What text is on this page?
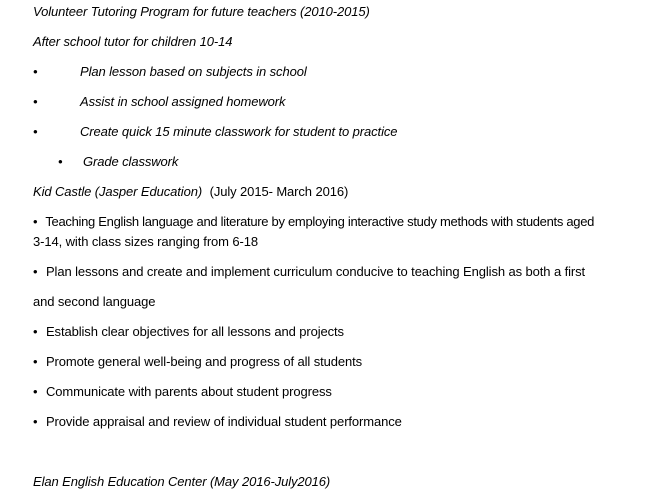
Volunteer Tutoring Program for future teachers (2010-2015)
After school tutor for children 10-14
•	Plan lesson based on subjects in school
•	Assist in school assigned homework
•	Create quick 15 minute classwork for student to practice
• Grade classwork
Kid Castle (Jasper Education) (July 2015- March 2016)
• Teaching English language and literature by employing interactive study methods with students aged
3-14, with class sizes ranging from 6-18
• Plan lessons and create and implement curriculum conducive to teaching English as both a first
and second language
• Establish clear objectives for all lessons and projects
• Promote general well-being and progress of all students
• Communicate with parents about student progress
• Provide appraisal and review of individual student performance
Elan English Education Center (May 2016-July2016)
